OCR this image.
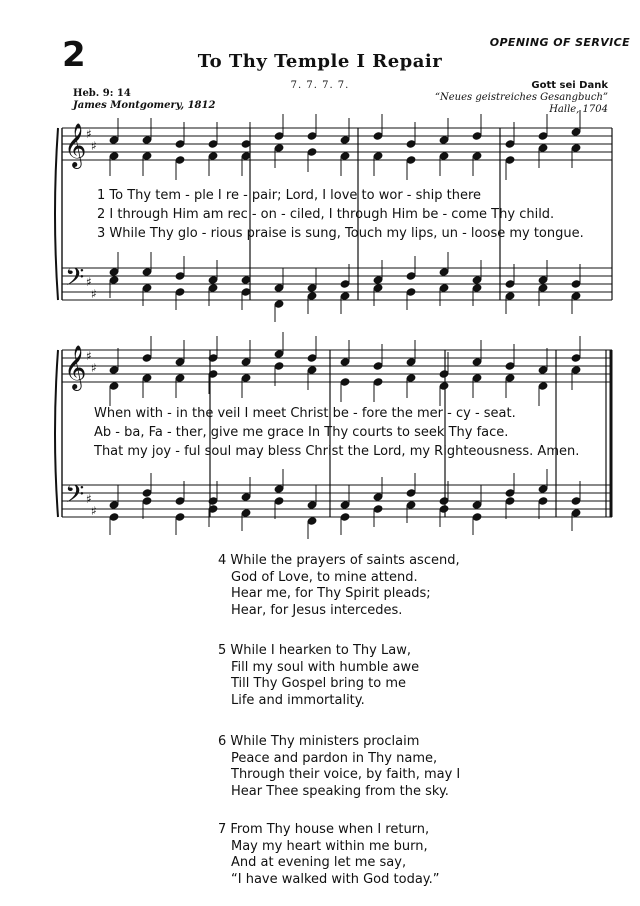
2	OPENING OF SERVICE
To Thy Temple I Repair
7. 7. 7. 7.
Heb. 9: 14
James Montgomery, 1812
Gott sei Dank
“Neues geistreiches Gesangbuch”
Halle, 1704
𝄞
𝄢
♯
♯
♯
♯
𝄞
𝄢
♯
♯
♯
♯
1 To Thy tem - ple I re - pair; Lord, I love to wor - ship there
2 I through Him am rec - on - ciled, I through Him be - come Thy child.
3 While Thy glo - rious praise is sung, Touch my lips, un - loose my tongue.
When with - in the veil I meet Christ be - fore the mer - cy - seat.
Ab - ba, Fa - ther, give me grace In Thy courts to seek Thy face.
That my joy - ful soul may bless Christ the Lord, my Righteousness. Amen.
4 While the prayers of saints ascend,
God of Love, to mine attend.
Hear me, for Thy Spirit pleads;
Hear, for Jesus intercedes.
5 While I hearken to Thy Law,
Fill my soul with humble awe
Till Thy Gospel bring to me
Life and immortality.
6 While Thy ministers proclaim
Peace and pardon in Thy name,
Through their voice, by faith, may I
Hear Thee speaking from the sky.
7 From Thy house when I return,
May my heart within me burn,
And at evening let me say,
“I have walked with God today.”
